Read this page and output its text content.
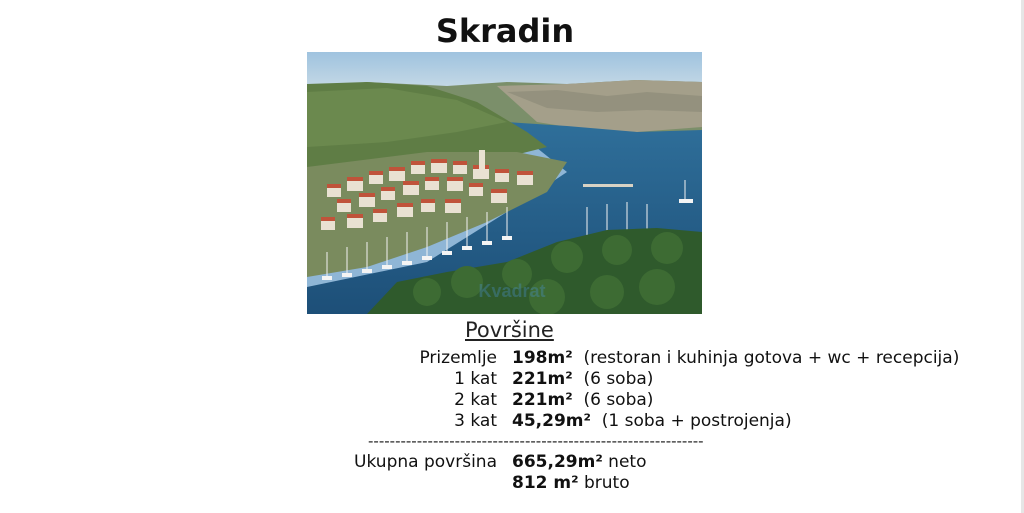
Skradin
Kvadrat
Površine
Prizemlje 198m² (restoran i kuhinja gotova + wc + recepcija)
1 kat 221m² (6 soba)
2 kat 221m² (6 soba)
3 kat 45,29m² (1 soba + postrojenja)
--------------------------------------------------------------
Ukupna površina 665,29m² neto
812 m² bruto
